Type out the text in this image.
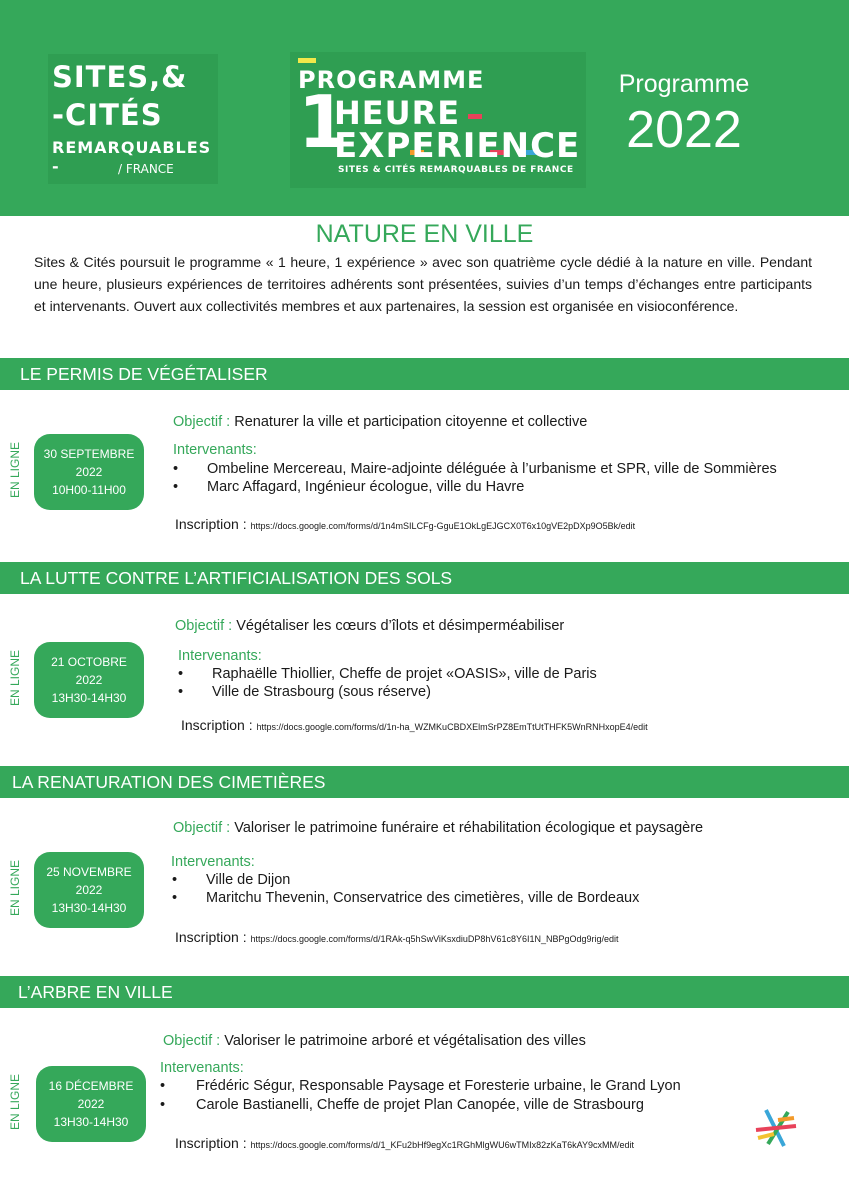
SITES,&
-CITÉS
REMARQUABLES -	/ FRANCE
PROGRAMME
1
HEURE
EXPERIENCE
SITES & CITÉS REMARQUABLES DE FRANCE
Programme
2022
NATURE EN VILLE
Sites & Cités poursuit le programme « 1 heure, 1 expérience » avec son quatrième cycle dédié à la nature en ville. Pendant une heure, plusieurs expériences de territoires adhérents sont présentées, suivies d’un temps d’échanges entre participants et intervenants. Ouvert aux collectivités membres et aux partenaires, la session est organisée en visioconférence.
LE PERMIS DE VÉGÉTALISER
EN LIGNE	30 SEPTEMBRE
2022
10H00-11H00
Objectif : Renaturer la ville et participation citoyenne et collective
Intervenants:
• Ombeline Mercereau, Maire-adjointe déléguée à l’urbanisme et SPR, ville de Sommières
• Marc Affagard, Ingénieur écologue, ville du Havre
Inscription : https://docs.google.com/forms/d/1n4mSILCFg-GguE1OkLgEJGCX0T6x10gVE2pDXp9O5Bk/edit
LA LUTTE CONTRE L’ARTIFICIALISATION DES SOLS
EN LIGNE	21 OCTOBRE
2022
13H30-14H30
Objectif : Végétaliser les cœurs d’îlots et désimperméabiliser
Intervenants:
• Raphaëlle Thiollier, Cheffe de projet «OASIS», ville de Paris
• Ville de Strasbourg (sous réserve)
Inscription : https://docs.google.com/forms/d/1n-ha_WZMKuCBDXElmSrPZ8EmTtUtTHFK5WnRNHxopE4/edit
LA RENATURATION DES CIMETIÈRES
EN LIGNE	25 NOVEMBRE
2022
13H30-14H30
Objectif : Valoriser le patrimoine funéraire et réhabilitation écologique et paysagère
Intervenants:
• Ville de Dijon
• Maritchu Thevenin, Conservatrice des cimetières, ville de Bordeaux
Inscription : https://docs.google.com/forms/d/1RAk-q5hSwViKsxdiuDP8hV61c8Y6I1N_NBPgOdg9rig/edit
L’ARBRE EN VILLE
EN LIGNE	16 DÉCEMBRE
2022
13H30-14H30
Objectif : Valoriser le patrimoine arboré et végétalisation des villes
Intervenants:
• Frédéric Ségur, Responsable Paysage et Foresterie urbaine, le Grand Lyon
• Carole Bastianelli, Cheffe de projet Plan Canopée, ville de Strasbourg
Inscription : https://docs.google.com/forms/d/1_KFu2bHf9egXc1RGhMlgWU6wTMIx82zKaT6kAY9cxMM/edit
